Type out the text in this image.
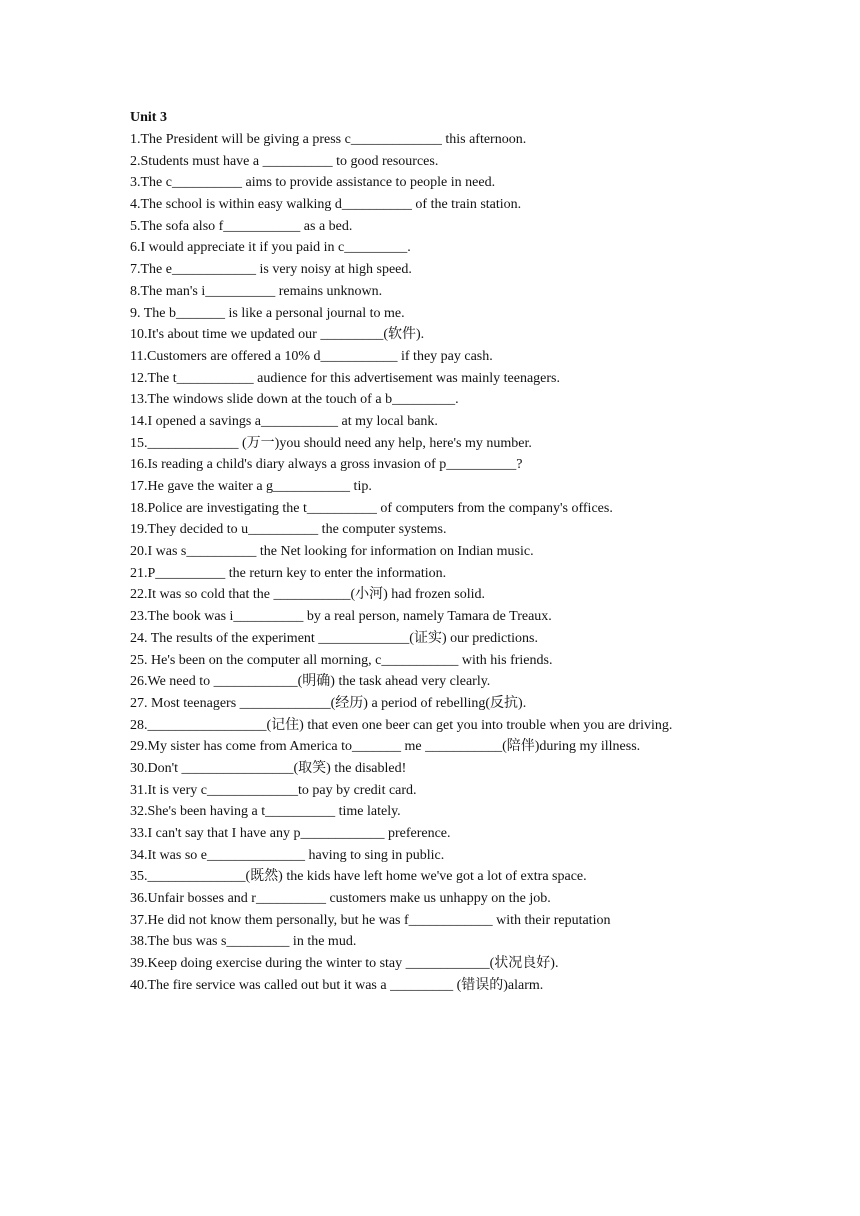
Unit 3
1.The President will be giving a press c_____________ this afternoon.
2.Students must have a __________ to good resources.
3.The c__________ aims to provide assistance to people in need.
4.The school is within easy walking d__________ of the train station.
5.The sofa also f___________ as a bed.
6.I would appreciate it if you paid in c_________.
7.The e____________ is very noisy at high speed.
8.The man's i__________ remains unknown.
9. The b_______ is like a personal journal to me.
10.It's about time we updated our _________(软件).
11.Customers are offered a 10% d___________ if they pay cash.
12.The t___________ audience for this advertisement was mainly teenagers.
13.The windows slide down at the touch of a b_________.
14.I opened a savings a___________ at my local bank.
15._____________ (万一)you should need any help, here's my number.
16.Is reading a child's diary always a gross invasion of p__________?
17.He gave the waiter a g___________ tip.
18.Police are investigating the t__________ of computers from the company's offices.
19.They decided to u__________ the computer systems.
20.I was s__________ the Net looking for information on Indian music.
21.P__________ the return key to enter the information.
22.It was so cold that the ___________(小河) had frozen solid.
23.The book was i__________ by a real person, namely Tamara de Treaux.
24. The results of the experiment _____________(证实) our predictions.
25. He's been on the computer all morning, c___________ with his friends.
26.We need to ____________(明确) the task ahead very clearly.
27. Most teenagers _____________(经历) a period of rebelling(反抗).
28._________________(记住) that even one beer can get you into trouble when you are driving.
29.My sister has come from America to_______ me ___________(陪伴)during my illness.
30.Don't ________________(取笑) the disabled!
31.It is very c_____________to pay by credit card.
32.She's been having a t__________ time lately.
33.I can't say that I have any p____________ preference.
34.It was so e______________ having to sing in public.
35.______________(既然) the kids have left home we've got a lot of extra space.
36.Unfair bosses and r__________ customers make us unhappy on the job.
37.He did not know them personally, but he was f____________ with their reputation
38.The bus was s_________ in the mud.
39.Keep doing exercise during the winter to stay ____________(状况良好).
40.The fire service was called out but it was a _________ (错误的)alarm.
